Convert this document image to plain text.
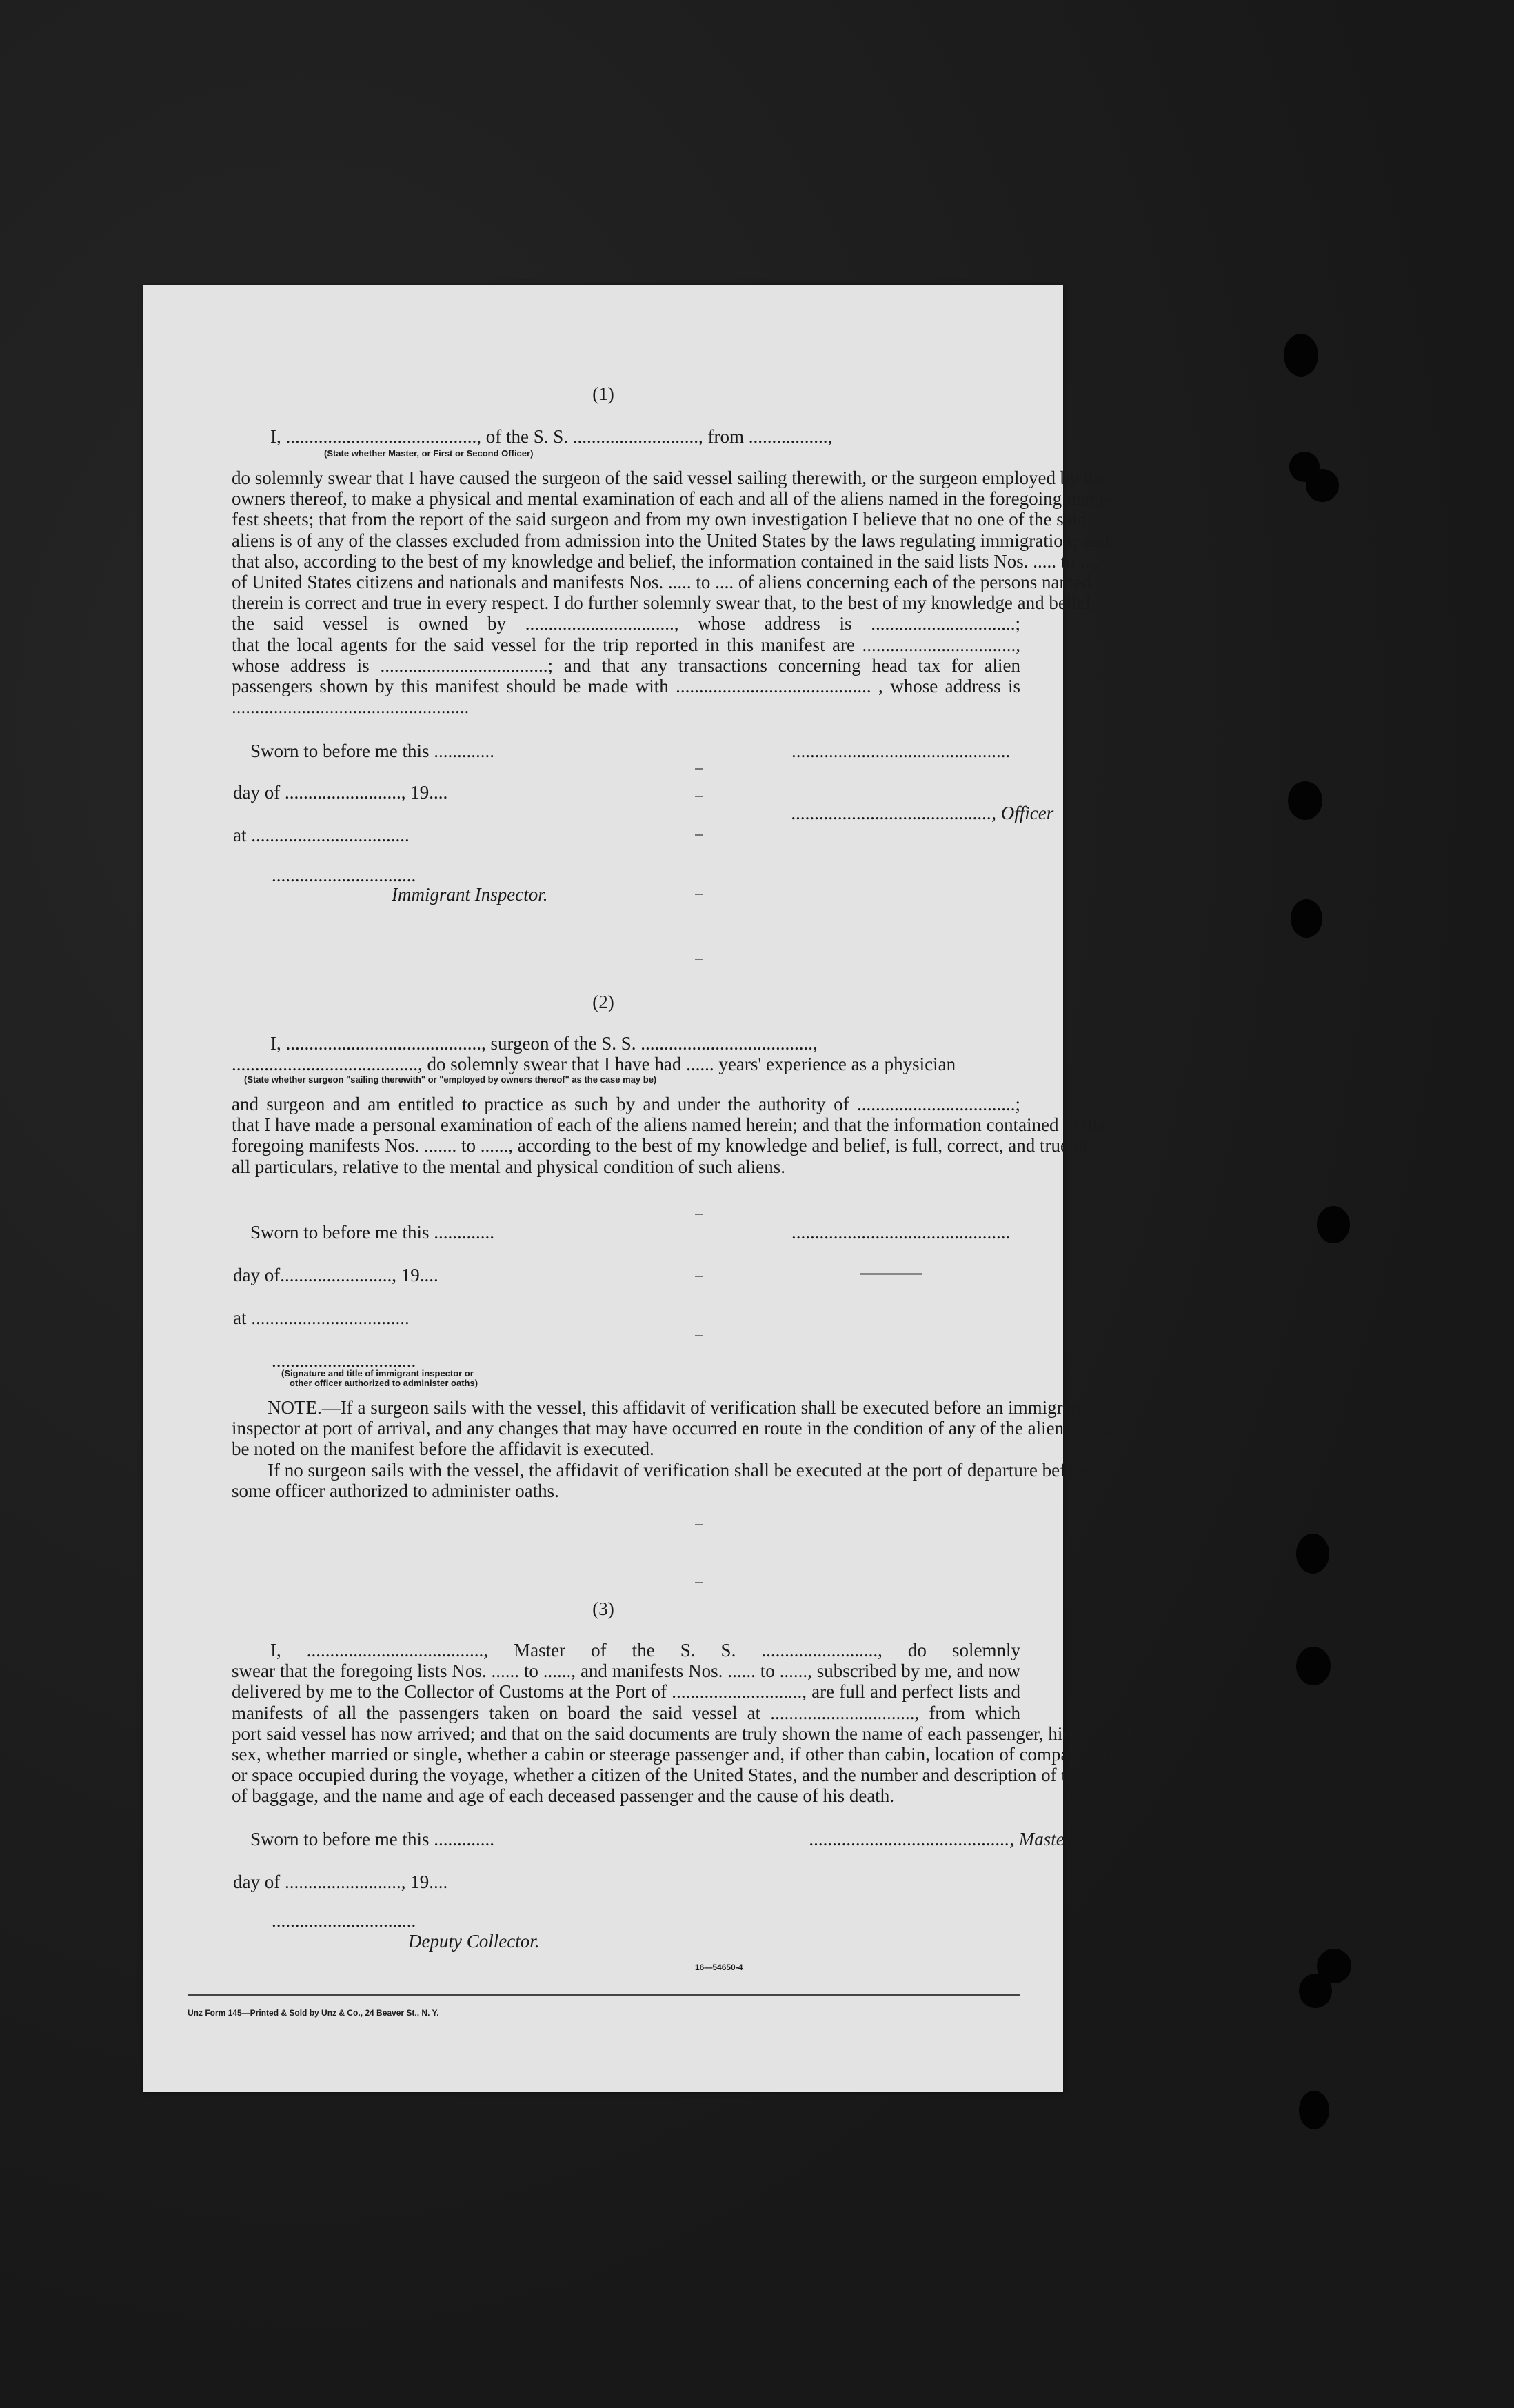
(1)
I, ........................................., of the S. S. ..........................., from .................,
(State whether Master, or First or Second Officer)
do solemnly swear that I have caused the surgeon of the said vessel sailing therewith, or the surgeon employed by the
owners thereof, to make a physical and mental examination of each and all of the aliens named in the foregoing mani-
fest sheets; that from the report of the said surgeon and from my own investigation I believe that no one of the said
aliens is of any of the classes excluded from admission into the United States by the laws regulating immigration; and
that also, according to the best of my knowledge and belief, the information contained in the said lists Nos. ..... to ....
of United States citizens and nationals and manifests Nos. ..... to .... of aliens concerning each of the persons named
therein is correct and true in every respect. I do further solemnly swear that, to the best of my knowledge and belief,
the said vessel is owned by ................................, whose address is ...............................;
that the local agents for the said vessel for the trip reported in this manifest are .................................,
whose address is ....................................; and that any transactions concerning head tax for alien
passengers shown by this manifest should be made with .......................................... , whose address is
...................................................
Sworn to before me this .............	...............................................
day of ........................., 19....
..........................................., Officer
at ..................................
...............................
Immigrant Inspector.
(2)
I, .........................................., surgeon of the S. S. .....................................,
........................................, do solemnly swear that I have had ...... years' experience as a physician
(State whether surgeon "sailing therewith" or "employed by owners thereof" as the case may be)
and surgeon and am entitled to practice as such by and under the authority of ..................................;
that I have made a personal examination of each of the aliens named herein; and that the information contained in the
foregoing manifests Nos. ....... to ......, according to the best of my knowledge and belief, is full, correct, and true in
all particulars, relative to the mental and physical condition of such aliens.
Sworn to before me this .............	...............................................
day of........................, 19....
at ..................................
...............................
(Signature and title of immigrant inspector or
other officer authorized to administer oaths)
NOTE.—If a surgeon sails with the vessel, this affidavit of verification shall be executed before an immigrant
inspector at port of arrival, and any changes that may have occurred en route in the condition of any of the aliens must
be noted on the manifest before the affidavit is executed.
If no surgeon sails with the vessel, the affidavit of verification shall be executed at the port of departure before
some officer authorized to administer oaths.
(3)
I, ......................................, Master of the S. S. ........................., do solemnly
swear that the foregoing lists Nos. ...... to ......, and manifests Nos. ...... to ......, subscribed by me, and now
delivered by me to the Collector of Customs at the Port of ............................, are full and perfect lists and
manifests of all the passengers taken on board the said vessel at ..............................., from which
port said vessel has now arrived; and that on the said documents are truly shown the name of each passenger, his age and
sex, whether married or single, whether a cabin or steerage passenger and, if other than cabin, location of compartment
or space occupied during the voyage, whether a citizen of the United States, and the number and description of the pieces
of baggage, and the name and age of each deceased passenger and the cause of his death.
Sworn to before me this .............	..........................................., Master
day of ........................., 19....
...............................
Deputy Collector.
16—54650-4
Unz Form 145—Printed & Sold by Unz & Co., 24 Beaver St., N. Y.
